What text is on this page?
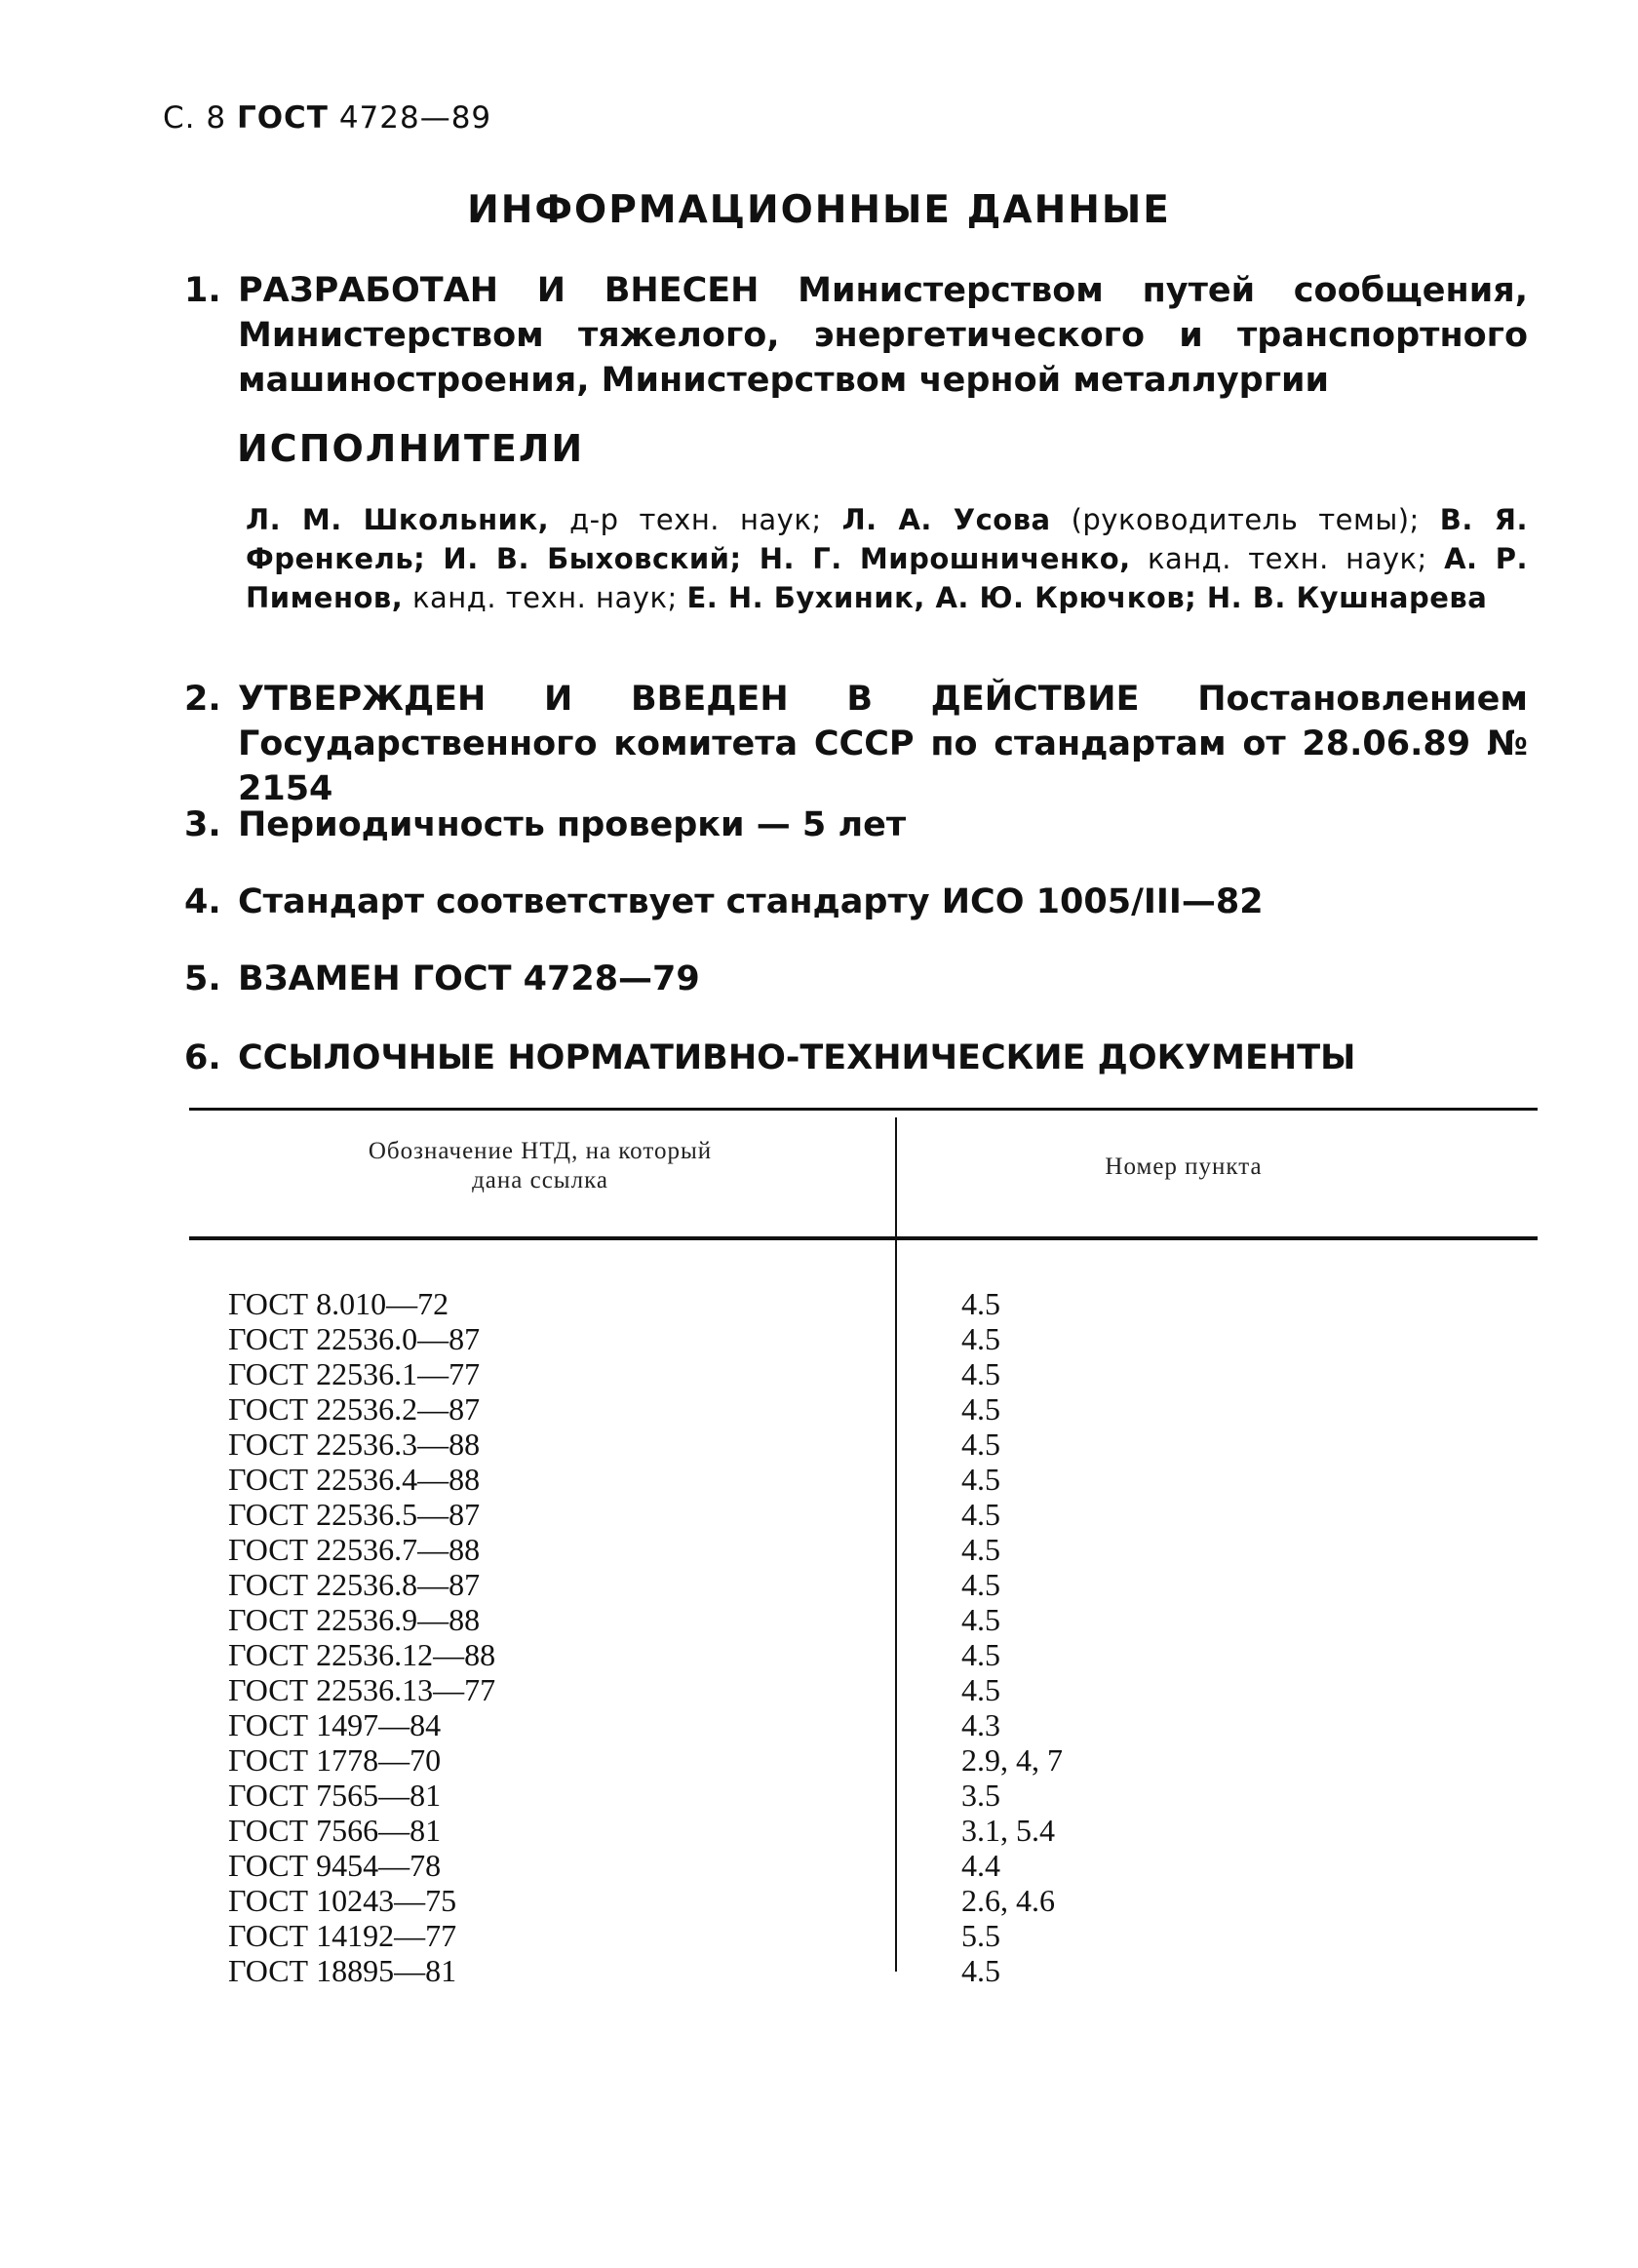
С. 8 ГОСТ 4728—89
ИНФОРМАЦИОННЫЕ ДАННЫЕ
1. РАЗРАБОТАН И ВНЕСЕН Министерством путей сообщения, Министерством тяжелого, энергетического и транспортного машиностроения, Министерством черной металлургии
ИСПОЛНИТЕЛИ
Л. М. Школьник, д-р техн. наук; Л. А. Усова (руководитель темы); В. Я. Френкель; И. В. Быховский; Н. Г. Мирошниченко, канд. техн. наук; А. Р. Пименов, канд. техн. наук; Е. Н. Бухиник, А. Ю. Крючков; Н. В. Кушнарева
2. УТВЕРЖДЕН И ВВЕДЕН В ДЕЙСТВИЕ Постановлением Государственного комитета СССР по стандартам от 28.06.89 № 2154
3. Периодичность проверки — 5 лет
4. Стандарт соответствует стандарту ИСО 1005/III—82
5. ВЗАМЕН ГОСТ 4728—79
6. ССЫЛОЧНЫЕ НОРМАТИВНО-ТЕХНИЧЕСКИЕ ДОКУМЕНТЫ
Обозначение НТД, на который
дана ссылка
Номер пункта
ГОСТ 8.010—72	4.5
ГОСТ 22536.0—87	4.5
ГОСТ 22536.1—77	4.5
ГОСТ 22536.2—87	4.5
ГОСТ 22536.3—88	4.5
ГОСТ 22536.4—88	4.5
ГОСТ 22536.5—87	4.5
ГОСТ 22536.7—88	4.5
ГОСТ 22536.8—87	4.5
ГОСТ 22536.9—88	4.5
ГОСТ 22536.12—88	4.5
ГОСТ 22536.13—77	4.5
ГОСТ 1497—84	4.3
ГОСТ 1778—70	2.9, 4, 7
ГОСТ 7565—81	3.5
ГОСТ 7566—81	3.1, 5.4
ГОСТ 9454—78	4.4
ГОСТ 10243—75	2.6, 4.6
ГОСТ 14192—77	5.5
ГОСТ 18895—81	4.5
